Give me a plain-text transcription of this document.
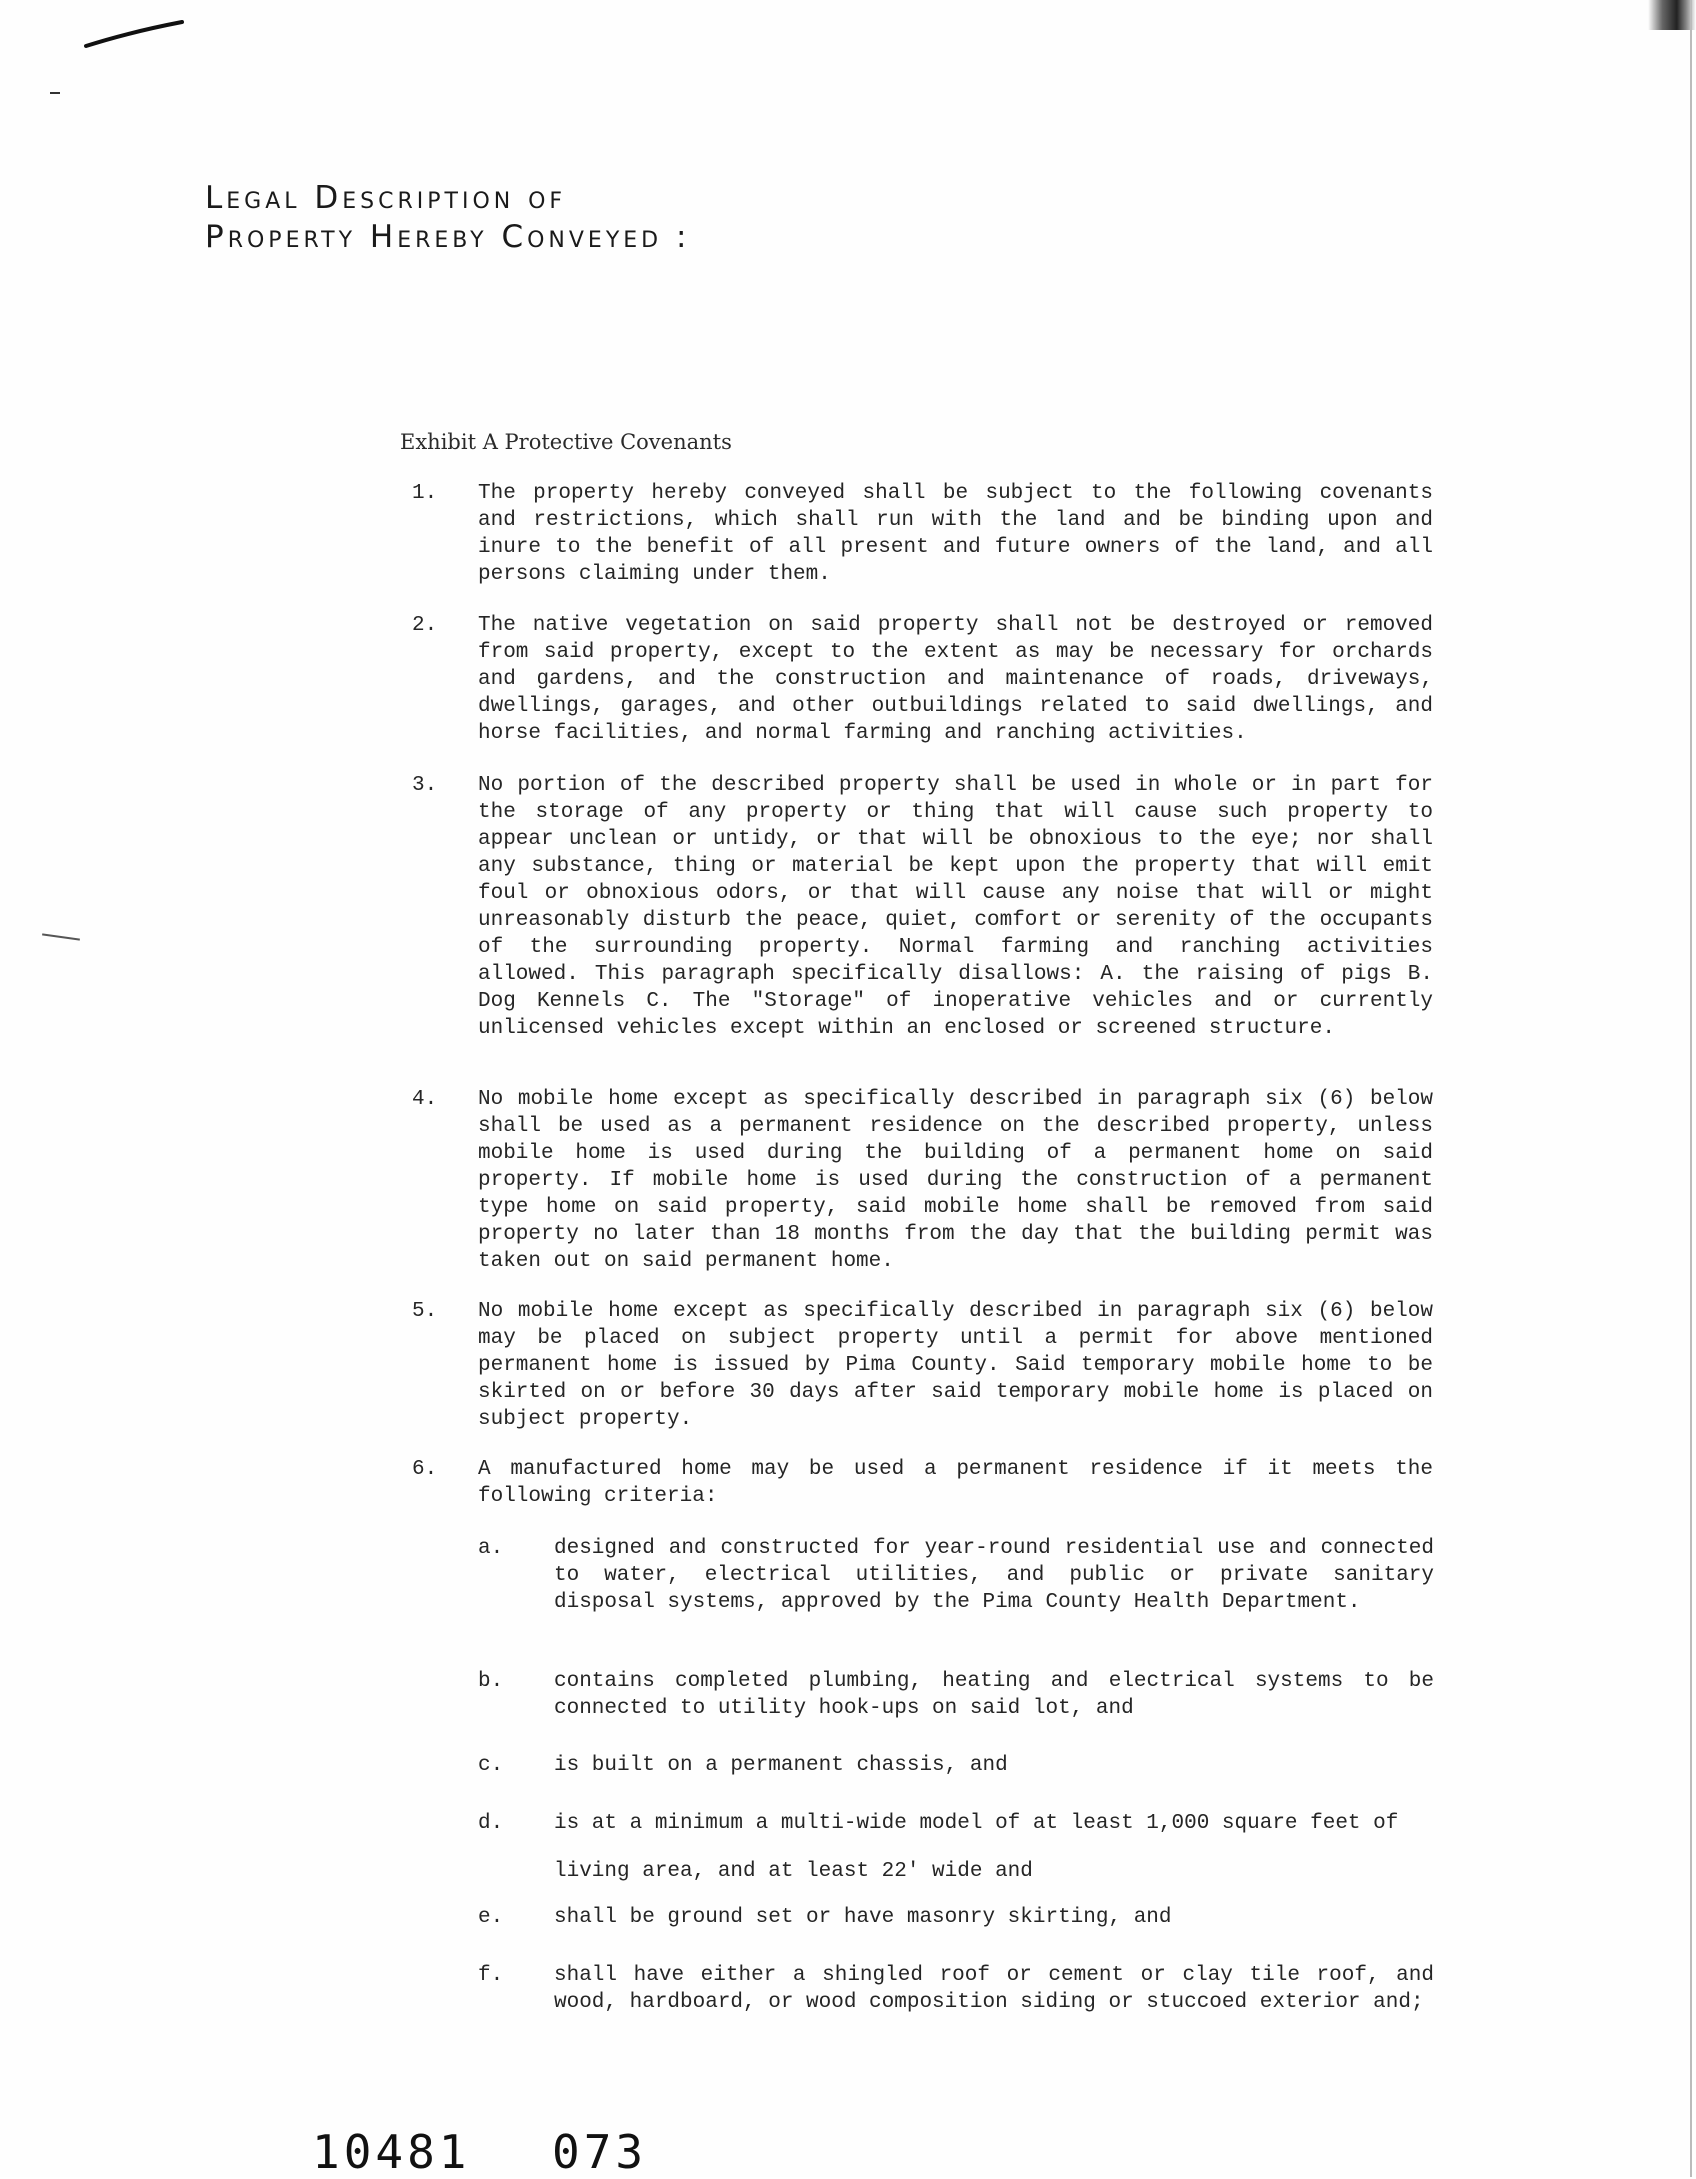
Legal Description of
Property Hereby Conveyed :
Exhibit A Protective Covenants
1. The property hereby conveyed shall be subject to the following covenants and restrictions, which shall run with the land and be binding upon and inure to the benefit of all present and future owners of the land, and all persons claiming under them.
2. The native vegetation on said property shall not be destroyed or removed from said property, except to the extent as may be necessary for orchards and gardens, and the construction and maintenance of roads, driveways, dwellings, garages, and other outbuildings related to said dwellings, and horse facilities, and normal farming and ranching activities.
3. No portion of the described property shall be used in whole or in part for the storage of any property or thing that will cause such property to appear unclean or untidy, or that will be obnoxious to the eye; nor shall any substance, thing or material be kept upon the property that will emit foul or obnoxious odors, or that will cause any noise that will or might unreasonably disturb the peace, quiet, comfort or serenity of the occupants of the surrounding property. Normal farming and ranching activities allowed. This paragraph specifically disallows: A. the raising of pigs B. Dog Kennels C. The "Storage" of inoperative vehicles and or currently unlicensed vehicles except within an enclosed or screened structure.
4. No mobile home except as specifically described in paragraph six (6) below shall be used as a permanent residence on the described property, unless mobile home is used during the building of a permanent home on said property. If mobile home is used during the construction of a permanent type home on said property, said mobile home shall be removed from said property no later than 18 months from the day that the building permit was taken out on said permanent home.
5. No mobile home except as specifically described in paragraph six (6) below may be placed on subject property until a permit for above mentioned permanent home is issued by Pima County. Said temporary mobile home to be skirted on or before 30 days after said temporary mobile home is placed on subject property.
6. A manufactured home may be used a permanent residence if it meets the following criteria:
a. designed and constructed for year-round residential use and connected to water, electrical utilities, and public or private sanitary disposal systems, approved by the Pima County Health Department.
b. contains completed plumbing, heating and electrical systems to be connected to utility hook-ups on said lot, and
c. is built on a permanent chassis, and
d. is at a minimum a multi-wide model of at least 1,000 square feet of
living area, and at least 22' wide and
e. shall be ground set or have masonry skirting, and
f. shall have either a shingled roof or cement or clay tile roof, and wood, hardboard, or wood composition siding or stuccoed exterior and;
10481 073
